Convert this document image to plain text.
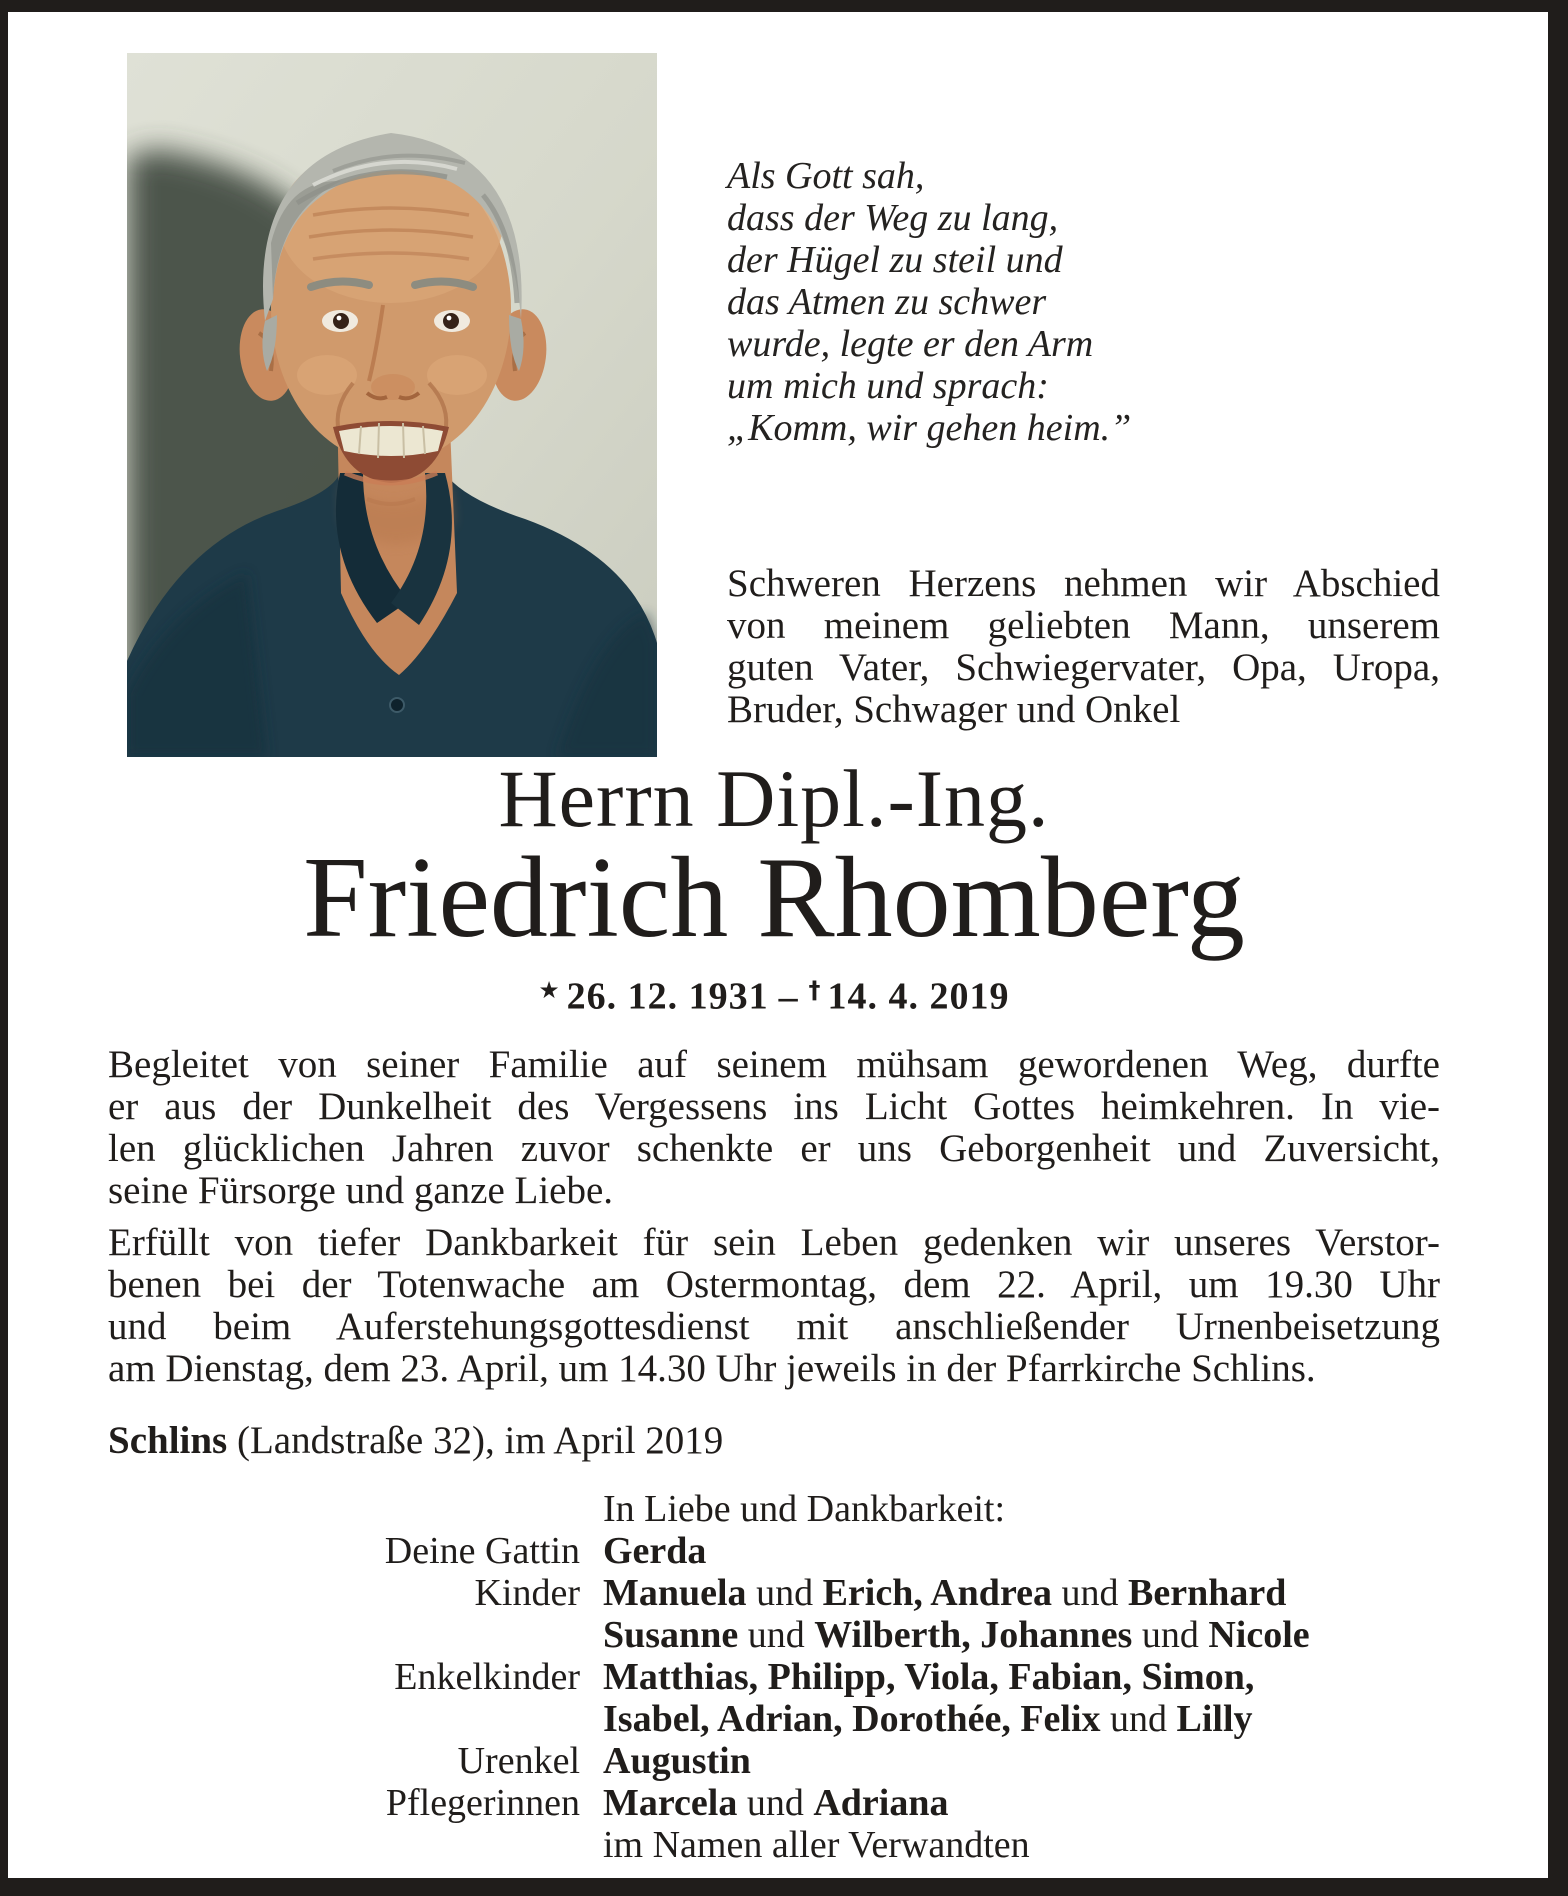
Als Gott sah,
dass der Weg zu lang,
der Hügel zu steil und
das Atmen zu schwer
wurde, legte er den Arm
um mich und sprach:
„Komm, wir gehen heim.”
Schweren Herzens nehmen wir Abschied
von meinem geliebten Mann, unserem
guten Vater, Schwiegervater, Opa, Uropa,
Bruder, Schwager und Onkel
Herrn Dipl.-Ing.
Friedrich Rhomberg
★ 26. 12. 1931 – † 14. 4. 2019
Begleitet von seiner Familie auf seinem mühsam gewordenen Weg, durfte
er aus der Dunkelheit des Vergessens ins Licht Gottes heimkehren. In vie-
len glücklichen Jahren zuvor schenkte er uns Geborgenheit und Zuversicht,
seine Fürsorge und ganze Liebe.
Erfüllt von tiefer Dankbarkeit für sein Leben gedenken wir unseres Verstor-
benen bei der Totenwache am Ostermontag, dem 22. April, um 19.30 Uhr
und beim Auferstehungsgottesdienst mit anschließender Urnenbeisetzung
am Dienstag, dem 23. April, um 14.30 Uhr jeweils in der Pfarrkirche Schlins.
Schlins (Landstraße 32), im April 2019
In Liebe und Dankbarkeit:
Deine Gattin Gerda
Kinder Manuela und Erich, Andrea und Bernhard
Susanne und Wilberth, Johannes und Nicole
Enkelkinder Matthias, Philipp, Viola, Fabian, Simon,
Isabel, Adrian, Dorothée, Felix und Lilly
Urenkel Augustin
Pflegerinnen Marcela und Adriana
im Namen aller Verwandten
